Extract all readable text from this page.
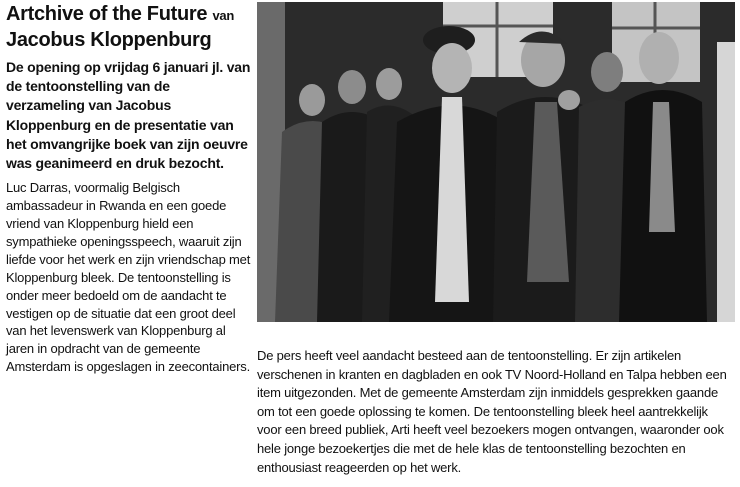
Artchive of the Future van
Jacobus Kloppenburg

De opening op vrijdag 6 januari jl. van de tentoonstelling van de verzameling van Jacobus Kloppenburg en de presentatie van het omvangrijke boek van zijn oeuvre was geanimeerd en druk bezocht.

Luc Darras, voormalig Belgisch ambassadeur in Rwanda en een goede vriend van Kloppenburg hield een sympathieke openingsspeech, waaruit zijn liefde voor het werk en zijn vriendschap met Kloppenburg bleek. De tentoonstelling is onder meer bedoeld om de aandacht te vestigen op de situatie dat een groot deel van het levenswerk van Kloppenburg al jaren in opdracht van de gemeente Amsterdam is opgeslagen in zeecontainers.

De pers heeft veel aandacht besteed aan de tentoonstelling. Er zijn artikelen verschenen in kranten en dagbladen en ook TV Noord-Holland en Talpa hebben een item uitgezonden. Met de gemeente Amsterdam zijn inmiddels gesprekken gaande om tot een goede oplossing te komen. De tentoonstelling bleek heel aantrekkelijk voor een breed publiek, Arti heeft veel bezoekers mogen ontvangen, waaronder ook hele jonge bezoekertjes die met de hele klas de tentoonstelling bezochten en enthousiast reageerden op het werk.
